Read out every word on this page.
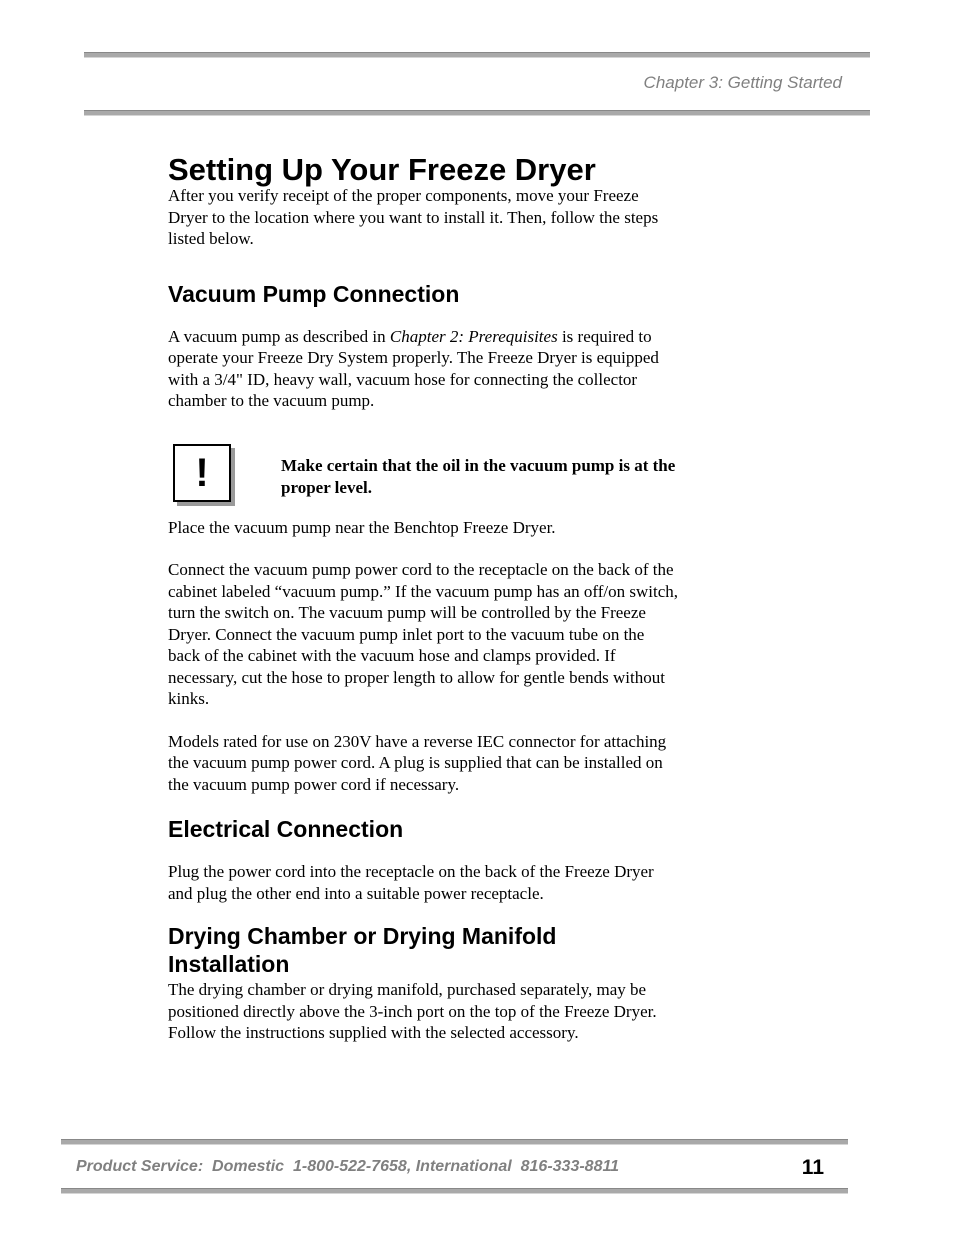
Chapter 3: Getting Started
Setting Up Your Freeze Dryer

After you verify receipt of the proper components, move your Freeze Dryer to the location where you want to install it. Then, follow the steps listed below.

Vacuum Pump Connection

A vacuum pump as described in Chapter 2: Prerequisites is required to operate your Freeze Dry System properly. The Freeze Dryer is equipped with a 3/4" ID, heavy wall, vacuum hose for connecting the collector chamber to the vacuum pump.

!	Make certain that the oil in the vacuum pump is at the proper level.

Place the vacuum pump near the Benchtop Freeze Dryer.

Connect the vacuum pump power cord to the receptacle on the back of the cabinet labeled “vacuum pump.” If the vacuum pump has an off/on switch, turn the switch on. The vacuum pump will be controlled by the Freeze Dryer. Connect the vacuum pump inlet port to the vacuum tube on the back of the cabinet with the vacuum hose and clamps provided. If necessary, cut the hose to proper length to allow for gentle bends without kinks.

Models rated for use on 230V have a reverse IEC connector for attaching the vacuum pump power cord. A plug is supplied that can be installed on the vacuum pump power cord if necessary.

Electrical Connection

Plug the power cord into the receptacle on the back of the Freeze Dryer and plug the other end into a suitable power receptacle.

Drying Chamber or Drying Manifold Installation

The drying chamber or drying manifold, purchased separately, may be positioned directly above the 3-inch port on the top of the Freeze Dryer. Follow the instructions supplied with the selected accessory.

Product Service:  Domestic  1-800-522-7658, International  816-333-8811	11
